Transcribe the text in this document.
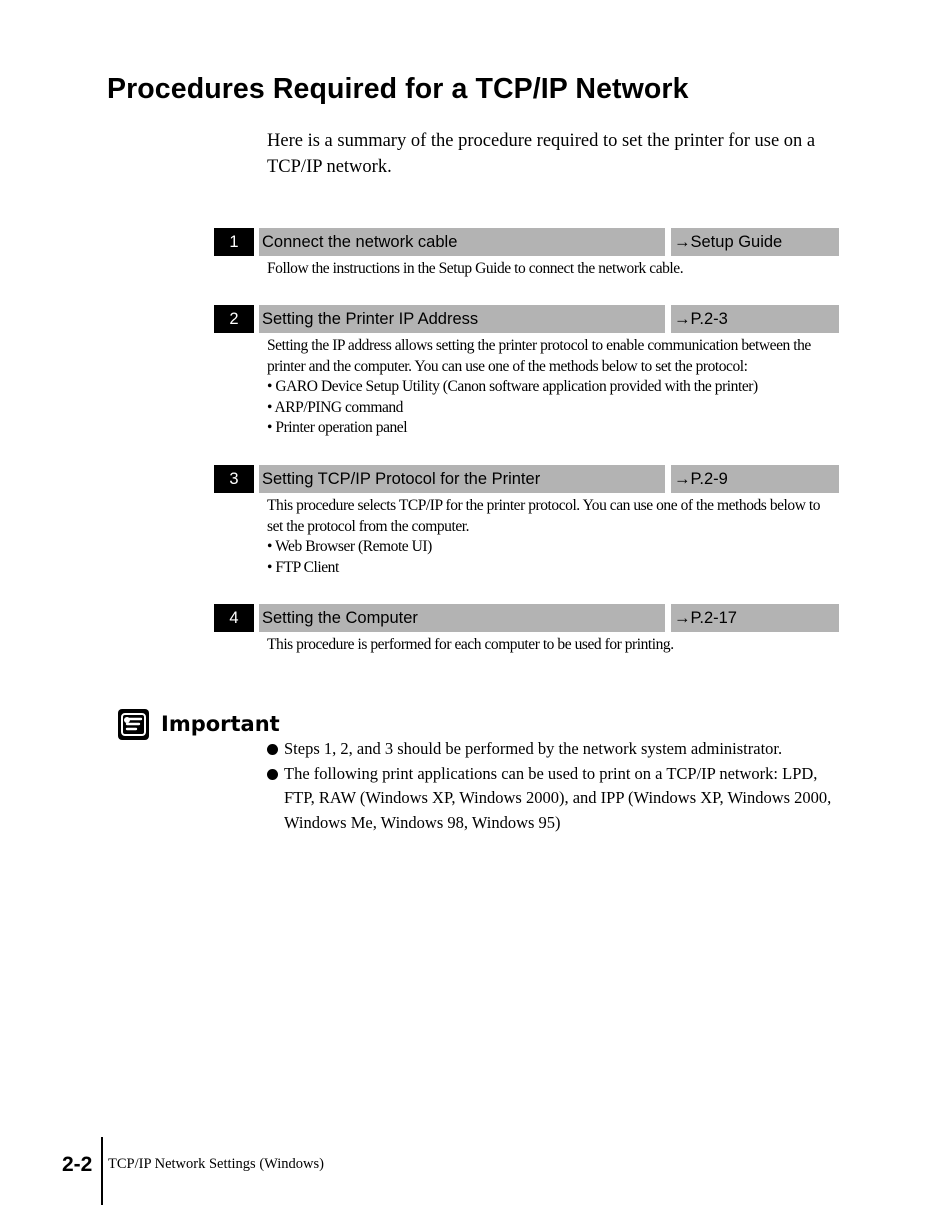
Procedures Required for a TCP/IP Network

Here is a summary of the procedure required to set the printer for use on a TCP/IP network.

1	Connect the network cable	→Setup Guide

Follow the instructions in the Setup Guide to connect the network cable.

2	Setting the Printer IP Address	→P.2-3

Setting the IP address allows setting the printer protocol to enable communication between the printer and the computer. You can use one of the methods below to set the protocol:

• GARO Device Setup Utility (Canon software application provided with the printer)

• ARP/PING command

• Printer operation panel

3	Setting TCP/IP Protocol for the Printer	→P.2-9

This procedure selects TCP/IP for the printer protocol. You can use one of the methods below to set the protocol from the computer.

• Web Browser (Remote UI)

• FTP Client

4	Setting the Computer	→P.2-17

This procedure is performed for each computer to be used for printing.

Important
Steps 1, 2, and 3 should be performed by the network system administrator.
The following print applications can be used to print on a TCP/IP network: LPD, FTP, RAW (Windows XP, Windows 2000), and IPP (Windows XP, Windows 2000, Windows Me, Windows 98, Windows 95)
2-2 TCP/IP Network Settings (Windows)
